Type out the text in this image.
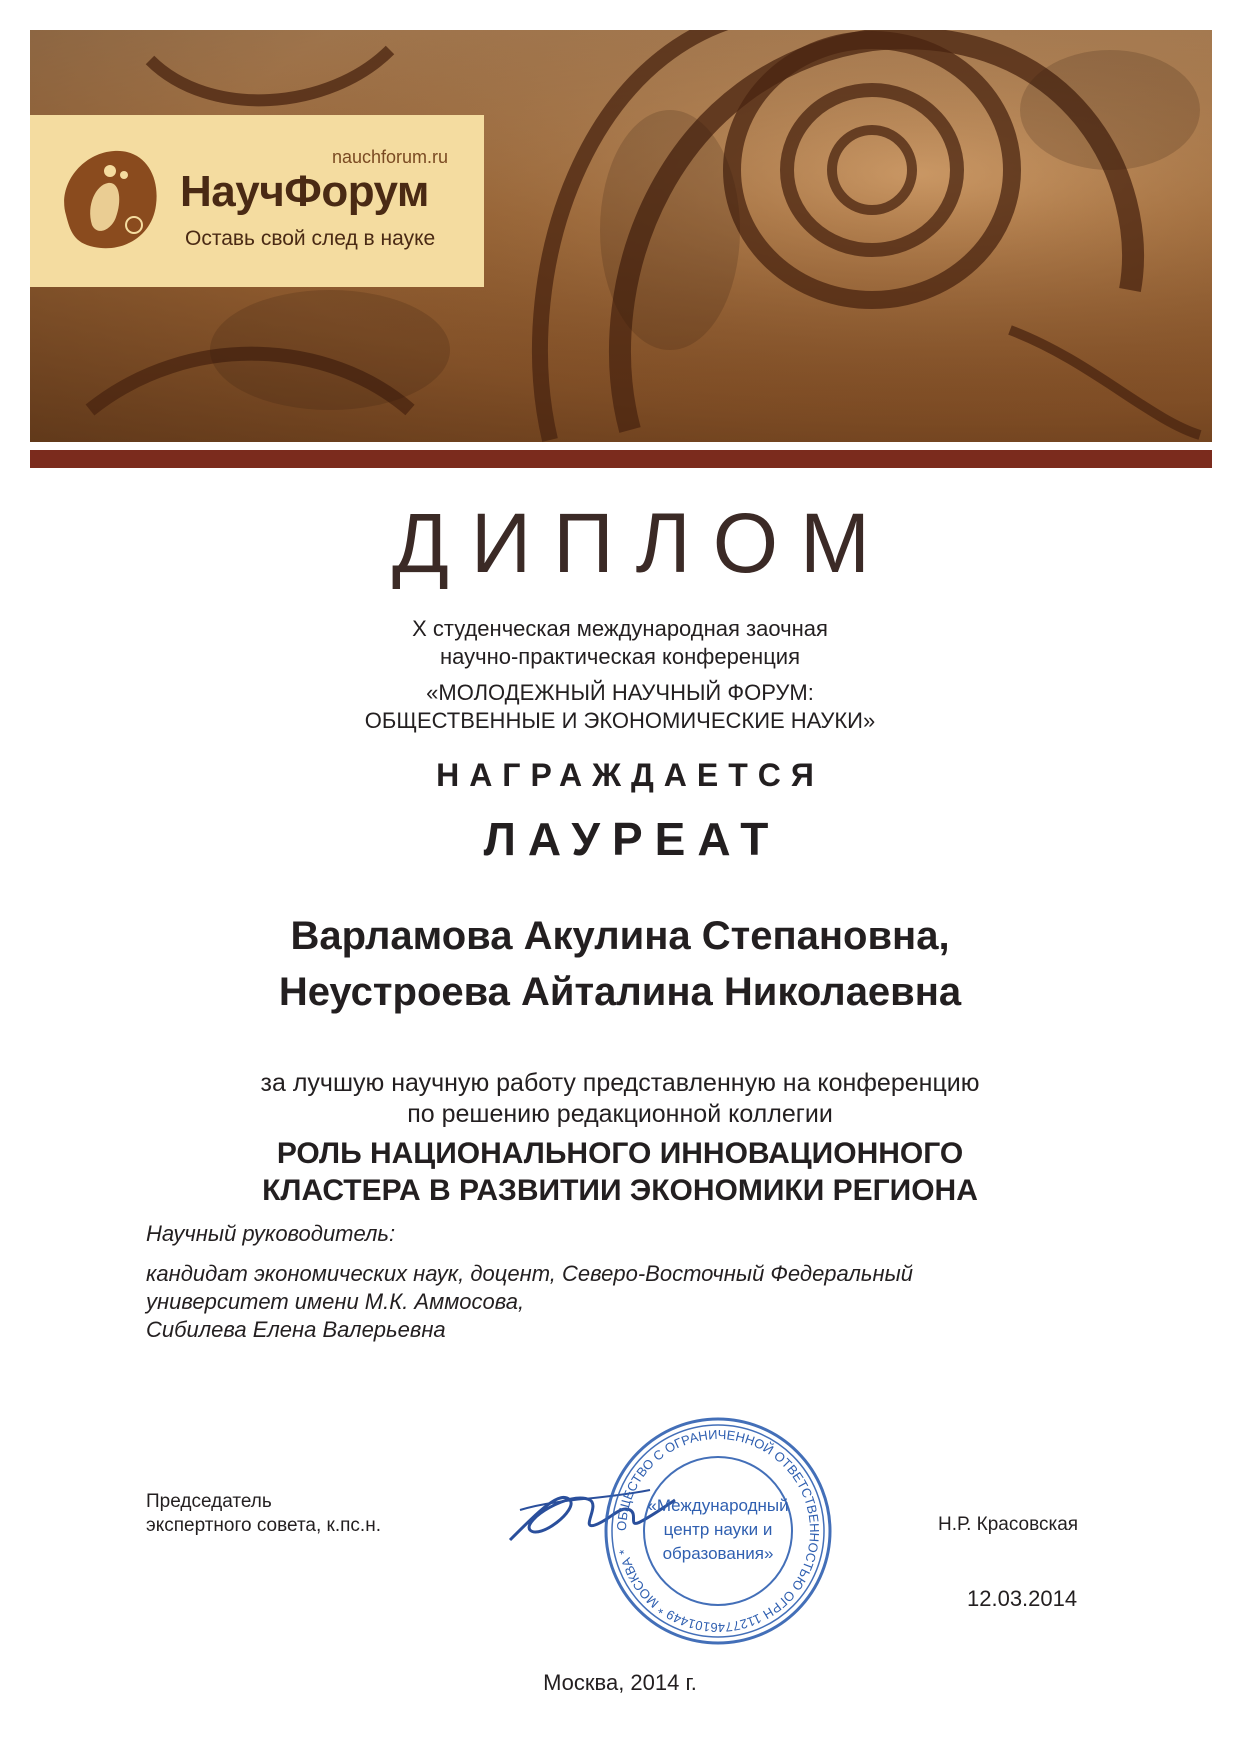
nauchforum.ru
НаучФорум
Оставь свой след в науке
ДИПЛОМ
X студенческая международная заочная
научно-практическая конференция
«МОЛОДЕЖНЫЙ НАУЧНЫЙ ФОРУМ:
ОБЩЕСТВЕННЫЕ И ЭКОНОМИЧЕСКИЕ НАУКИ»
НАГРАЖДАЕТСЯ
ЛАУРЕАТ
Варламова Акулина Степановна,
Неустроева Айталина Николаевна
за лучшую научную работу представленную на конференцию
по решению редакционной коллегии
РОЛЬ НАЦИОНАЛЬНОГО ИННОВАЦИОННОГО
КЛАСТЕРА В РАЗВИТИИ ЭКОНОМИКИ РЕГИОНА
Научный руководитель:
кандидат экономических наук, доцент, Северо-Восточный Федеральный
университет имени М.К. Аммосова,
Сибилева Елена Валерьевна
Председатель
экспертного совета, к.пс.н.	ОБЩЕСТВО С ОГРАНИЧЕННОЙ ОТВЕТСТВЕННОСТЬЮ ОГРН 1127746101449 * МОСКВА *
«Международный
центр науки и
образования»
Н.Р. Красовская
12.03.2014
Москва, 2014 г.
